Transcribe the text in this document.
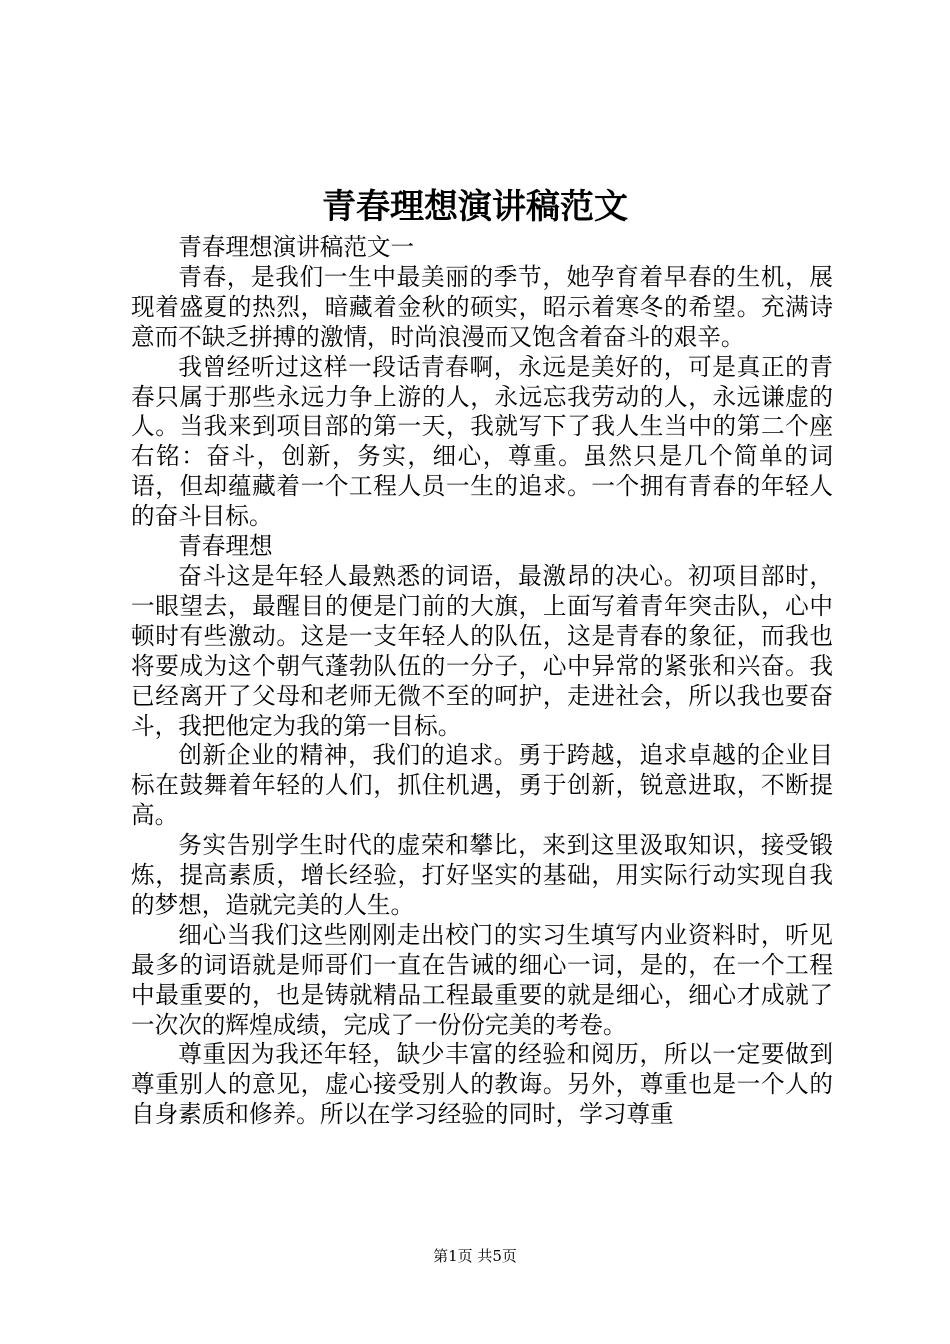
青春理想演讲稿范文

青春理想演讲稿范文一

青春，是我们一生中最美丽的季节，她孕育着早春的生机，展现着盛夏的热烈，暗藏着金秋的硕实，昭示着寒冬的希望。充满诗意而不缺乏拼搏的激情，时尚浪漫而又饱含着奋斗的艰辛。

我曾经听过这样一段话青春啊，永远是美好的，可是真正的青春只属于那些永远力争上游的人，永远忘我劳动的人，永远谦虚的人。当我来到项目部的第一天，我就写下了我人生当中的第二个座右铭：奋斗，创新，务实，细心，尊重。虽然只是几个简单的词语，但却蕴藏着一个工程人员一生的追求。一个拥有青春的年轻人的奋斗目标。

青春理想

奋斗这是年轻人最熟悉的词语，最激昂的决心。初项目部时，一眼望去，最醒目的便是门前的大旗，上面写着青年突击队，心中顿时有些激动。这是一支年轻人的队伍，这是青春的象征，而我也将要成为这个朝气蓬勃队伍的一分子，心中异常的紧张和兴奋。我已经离开了父母和老师无微不至的呵护，走进社会，所以我也要奋斗，我把他定为我的第一目标。

创新企业的精神，我们的追求。勇于跨越，追求卓越的企业目标在鼓舞着年轻的人们，抓住机遇，勇于创新，锐意进取，不断提高。

务实告别学生时代的虚荣和攀比，来到这里汲取知识，接受锻炼，提高素质，增长经验，打好坚实的基础，用实际行动实现自我的梦想，造就完美的人生。

细心当我们这些刚刚走出校门的实习生填写内业资料时，听见最多的词语就是师哥们一直在告诫的细心一词，是的，在一个工程中最重要的，也是铸就精品工程最重要的就是细心，细心才成就了一次次的辉煌成绩，完成了一份份完美的考卷。

尊重因为我还年轻，缺少丰富的经验和阅历，所以一定要做到尊重别人的意见，虚心接受别人的教诲。另外，尊重也是一个人的自身素质和修养。所以在学习经验的同时，学习尊重

第1页 共5页
